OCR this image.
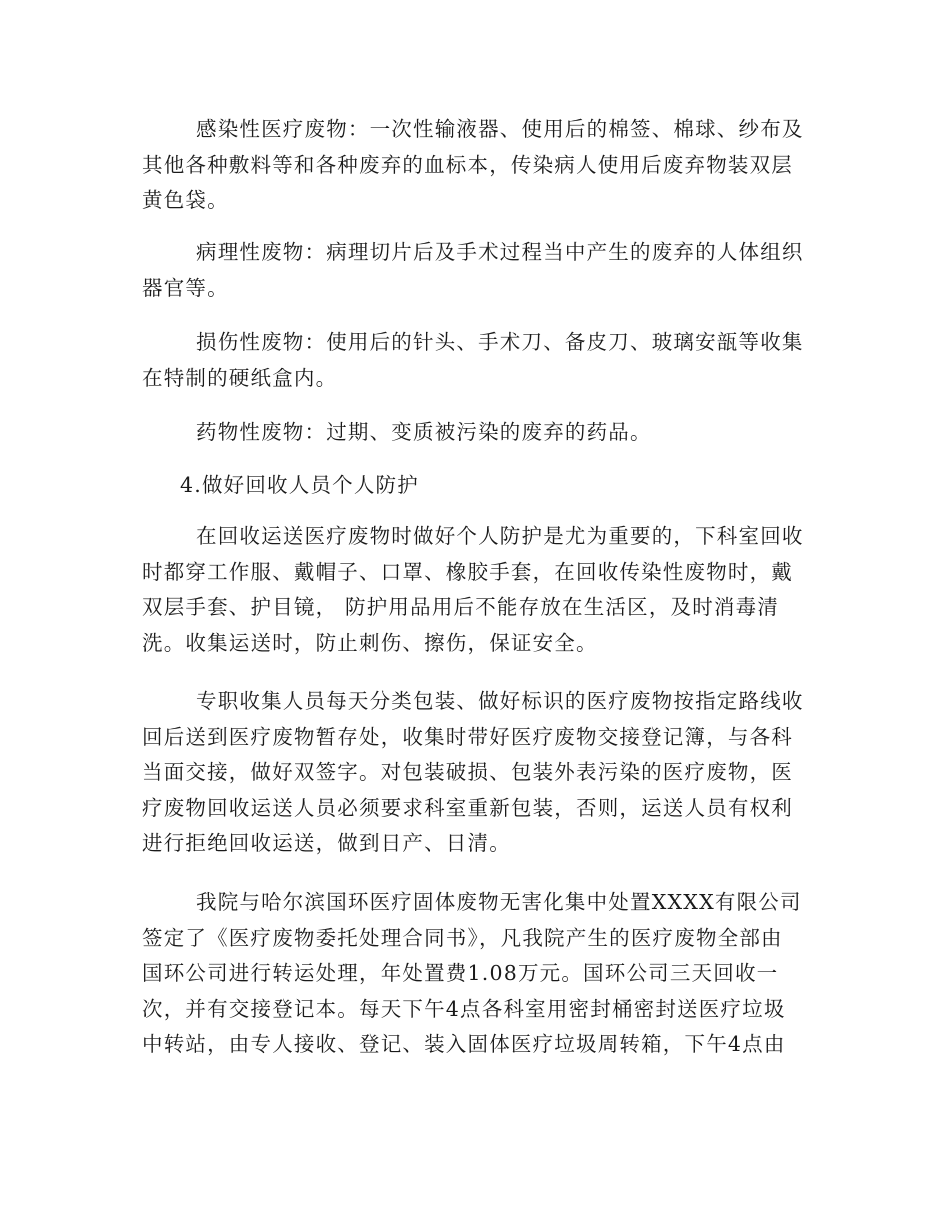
感染性医疗废物：一次性输液器、使用后的棉签、棉球、纱布及
其他各种敷料等和各种废弃的血标本，传染病人使用后废弃物装双层
黄色袋。

病理性废物：病理切片后及手术过程当中产生的废弃的人体组织
器官等。

损伤性废物：使用后的针头、手术刀、备皮刀、玻璃安瓿等收集
在特制的硬纸盒内。

药物性废物：过期、变质被污染的废弃的药品。

4.做好回收人员个人防护

在回收运送医疗废物时做好个人防护是尤为重要的，下科室回收
时都穿工作服、戴帽子、口罩、橡胶手套，在回收传染性废物时，戴
双层手套、护目镜， 防护用品用后不能存放在生活区，及时消毒清
洗。收集运送时，防止刺伤、擦伤，保证安全。

专职收集人员每天分类包装、做好标识的医疗废物按指定路线收
回后送到医疗废物暂存处，收集时带好医疗废物交接登记簿，与各科
当面交接，做好双签字。对包装破损、包装外表污染的医疗废物，医
疗废物回收运送人员必须要求科室重新包装，否则，运送人员有权利
进行拒绝回收运送，做到日产、日清。

我院与哈尔滨国环医疗固体废物无害化集中处置XXXX有限公司
签定了《医疗废物委托处理合同书》，凡我院产生的医疗废物全部由
国环公司进行转运处理，年处置费1.08万元。国环公司三天回收一
次，并有交接登记本。每天下午4点各科室用密封桶密封送医疗垃圾
中转站，由专人接收、登记、装入固体医疗垃圾周转箱，下午4点由
